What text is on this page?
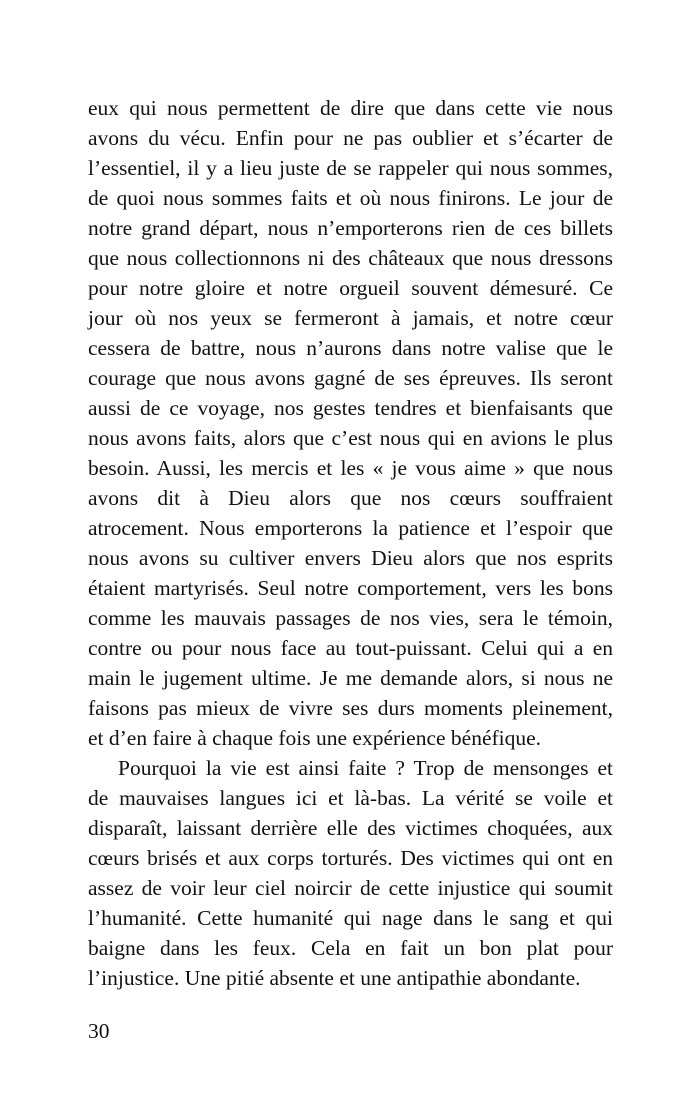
eux qui nous permettent de dire que dans cette vie nous
avons du vécu. Enfin pour ne pas oublier et s’écarter de
l’essentiel, il y a lieu juste de se rappeler qui nous sommes,
de quoi nous sommes faits et où nous finirons. Le jour de
notre grand départ, nous n’emporterons rien de ces billets
que nous collectionnons ni des châteaux que nous dressons
pour notre gloire et notre orgueil souvent démesuré. Ce
jour où nos yeux se fermeront à jamais, et notre cœur
cessera de battre, nous n’aurons dans notre valise que le
courage que nous avons gagné de ses épreuves. Ils seront
aussi de ce voyage, nos gestes tendres et bienfaisants que
nous avons faits, alors que c’est nous qui en avions le plus
besoin. Aussi, les mercis et les « je vous aime » que nous
avons dit à Dieu alors que nos cœurs souffraient
atrocement. Nous emporterons la patience et l’espoir que
nous avons su cultiver envers Dieu alors que nos esprits
étaient martyrisés. Seul notre comportement, vers les bons
comme les mauvais passages de nos vies, sera le témoin,
contre ou pour nous face au tout-puissant. Celui qui a en
main le jugement ultime. Je me demande alors, si nous ne
faisons pas mieux de vivre ses durs moments pleinement,
et d’en faire à chaque fois une expérience bénéfique.
Pourquoi la vie est ainsi faite ? Trop de mensonges et
de mauvaises langues ici et là-bas. La vérité se voile et
disparaît, laissant derrière elle des victimes choquées, aux
cœurs brisés et aux corps torturés. Des victimes qui ont en
assez de voir leur ciel noircir de cette injustice qui soumit
l’humanité. Cette humanité qui nage dans le sang et qui
baigne dans les feux. Cela en fait un bon plat pour
l’injustice. Une pitié absente et une antipathie abondante.
30
